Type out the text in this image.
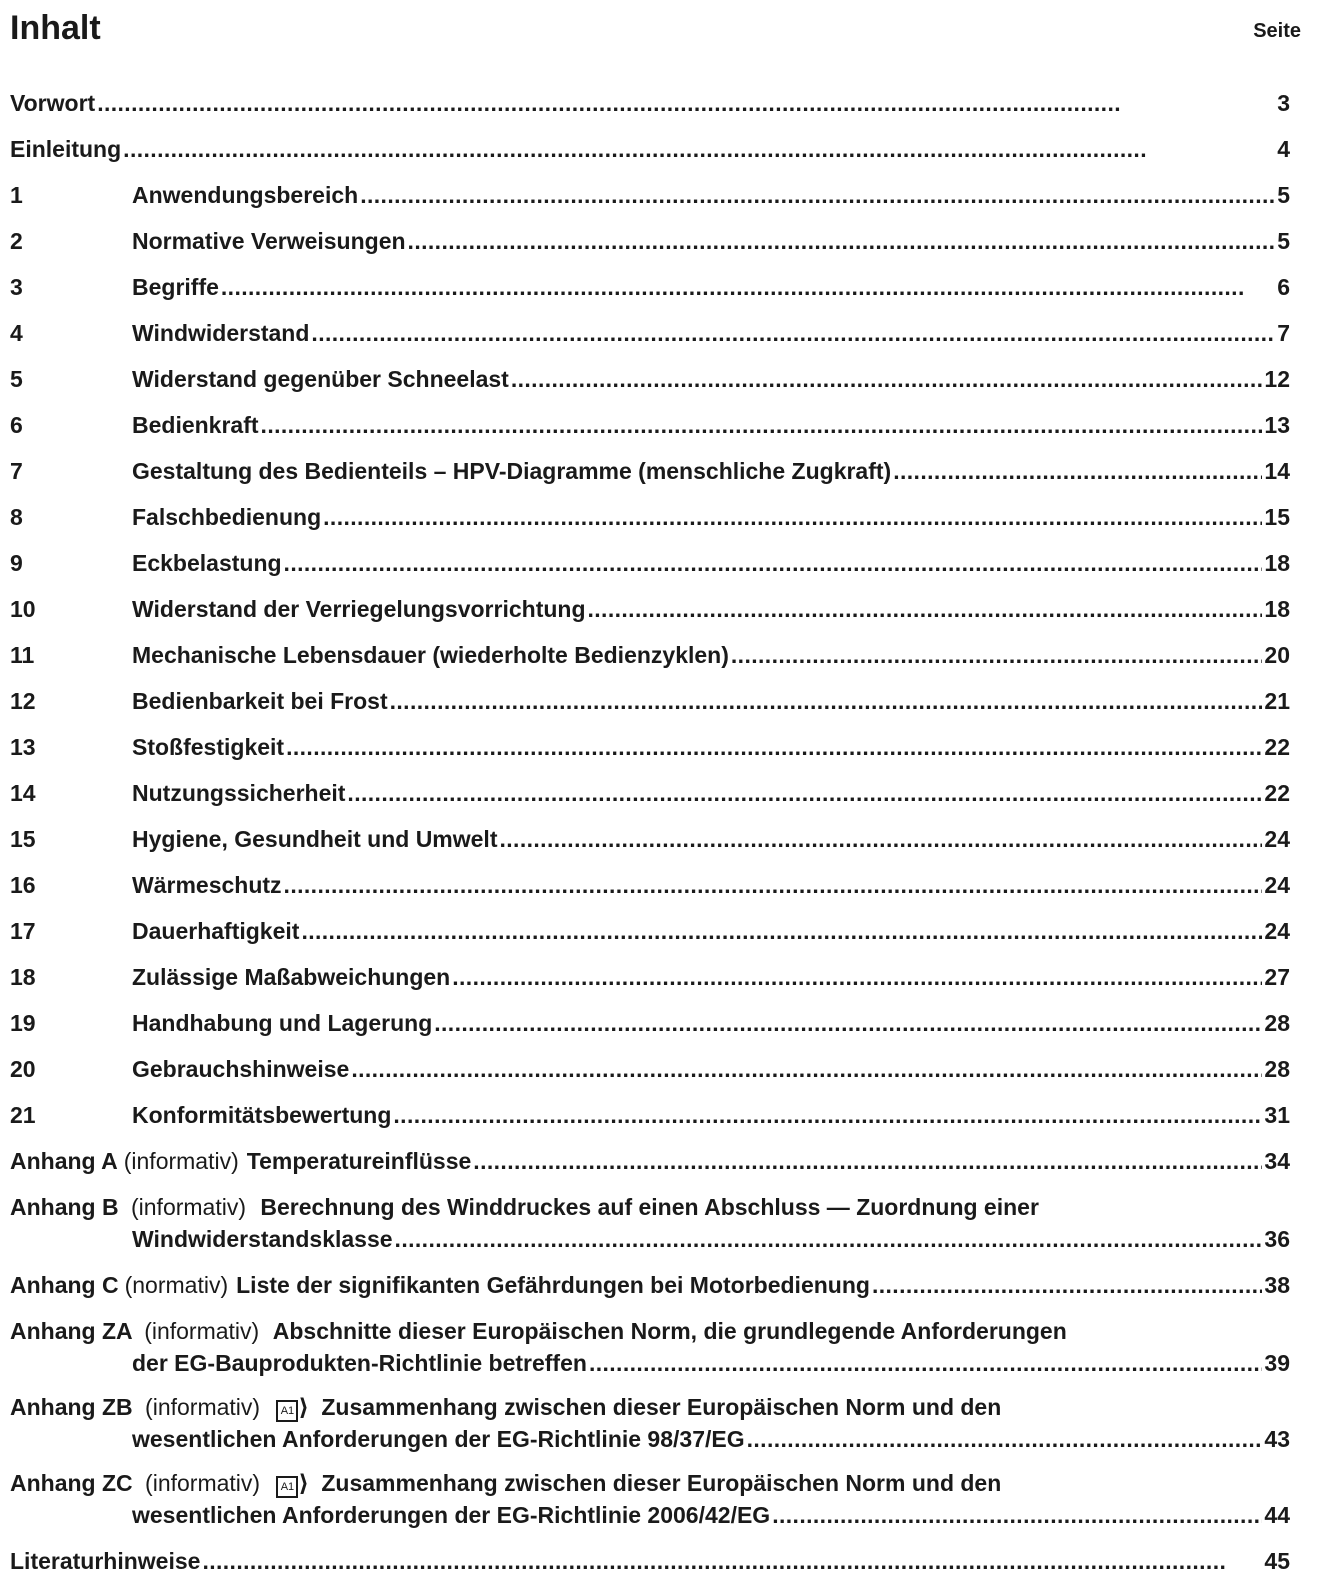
Inhalt	Seite
Vorwort . . .	3
Einleitung . . .	4
1	Anwendungsbereich . . .	5
2	Normative Verweisungen . . .	5
3	Begriffe . . .	6
4	Windwiderstand . . .	7
5	Widerstand gegenüber Schneelast . . .	12
6	Bedienkraft . . .	13
7	Gestaltung des Bedienteils – HPV-Diagramme (menschliche Zugkraft) . . .	14
8	Falschbedienung . . .	15
9	Eckbelastung . . .	18
10	Widerstand der Verriegelungsvorrichtung . . .	18
11	Mechanische Lebensdauer (wiederholte Bedienzyklen) . . .	20
12	Bedienbarkeit bei Frost . . .	21
13	Stoßfestigkeit . . .	22
14	Nutzungssicherheit . . .	22
15	Hygiene, Gesundheit und Umwelt . . .	24
16	Wärmeschutz . . .	24
17	Dauerhaftigkeit . . .	24
18	Zulässige Maßabweichungen . . .	27
19	Handhabung und Lagerung . . .	28
20	Gebrauchshinweise . . .	28
21	Konformitätsbewertung . . .	31
Anhang A (informativ) Temperatureinflüsse . . .	34
Anhang B (informativ) Berechnung des Winddruckes auf einen Abschluss — Zuordnung einer
Windwiderstandsklasse . . .	36
Anhang C (normativ) Liste der signifikanten Gefährdungen bei Motorbedienung . . .	38
Anhang ZA (informativ) Abschnitte dieser Europäischen Norm, die grundlegende Anforderungen
der EG-Bauprodukten-Richtlinie betreffen . . .	39
Anhang ZB (informativ) A1 ⟩ Zusammenhang zwischen dieser Europäischen Norm und den
wesentlichen Anforderungen der EG-Richtlinie 98/37/EG . . .	43
Anhang ZC (informativ) A1 ⟩ Zusammenhang zwischen dieser Europäischen Norm und den
wesentlichen Anforderungen der EG-Richtlinie 2006/42/EG . . .	44
Literaturhinweise . . .	45
